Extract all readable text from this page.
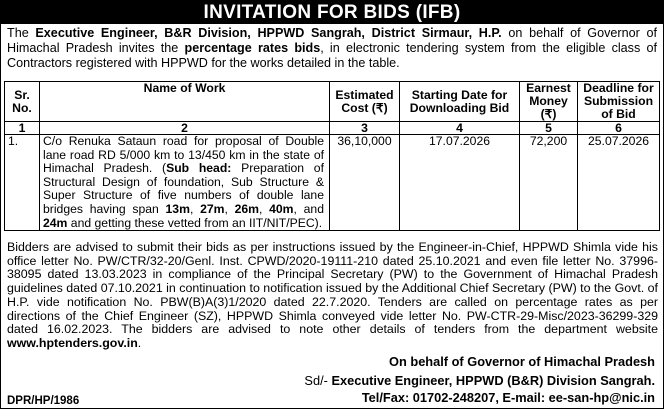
INVITATION FOR BIDS (IFB)
The Executive Engineer, B&R Division, HPPWD Sangrah, District Sirmaur, H.P. on behalf of Governor of Himachal Pradesh invites the percentage rates bids, in electronic tendering system from the eligible class of Contractors registered with HPPWD for the works detailed in the table.
Sr. No.	Name of Work	Estimated Cost (₹)	Starting Date for Downloading Bid	Earnest Money (₹)	Deadline for Submission of Bid
1	2	3	4	5	6
1.	C/o Renuka Sataun road for proposal of Double lane road RD 5/000 km to 13/450 km in the state of Himachal Pradesh. (Sub head: Preparation of Structural Design of foundation, Sub Structure & Super Structure of five numbers of double lane bridges having span 13m, 27m, 26m, 40m, and 24m and getting these vetted from an IIT/NIT/PEC).	36,10,000	17.07.2026	72,200	25.07.2026
Bidders are advised to submit their bids as per instructions issued by the Engineer-in-Chief, HPPWD Shimla vide his office letter No. PW/CTR/32-20/Genl. Inst. CPWD/2020-19111-210 dated 25.10.2021 and even file letter No. 37996-38095 dated 13.03.2023 in compliance of the Principal Secretary (PW) to the Government of Himachal Pradesh guidelines dated 07.10.2021 in continuation to notification issued by the Additional Chief Secretary (PW) to the Govt. of H.P. vide notification No. PBW(B)A(3)1/2020 dated 22.7.2020. Tenders are called on percentage rates as per directions of the Chief Engineer (SZ), HPPWD Shimla conveyed vide letter No. PW-CTR-29-Misc/2023-36299-329 dated 16.02.2023. The bidders are advised to note other details of tenders from the department website www.hptenders.gov.in.
On behalf of Governor of Himachal Pradesh
Sd/- Executive Engineer, HPPWD (B&R) Division Sangrah.
Tel/Fax: 01702-248207, E-mail: ee-san-hp@nic.in
DPR/HP/1986
